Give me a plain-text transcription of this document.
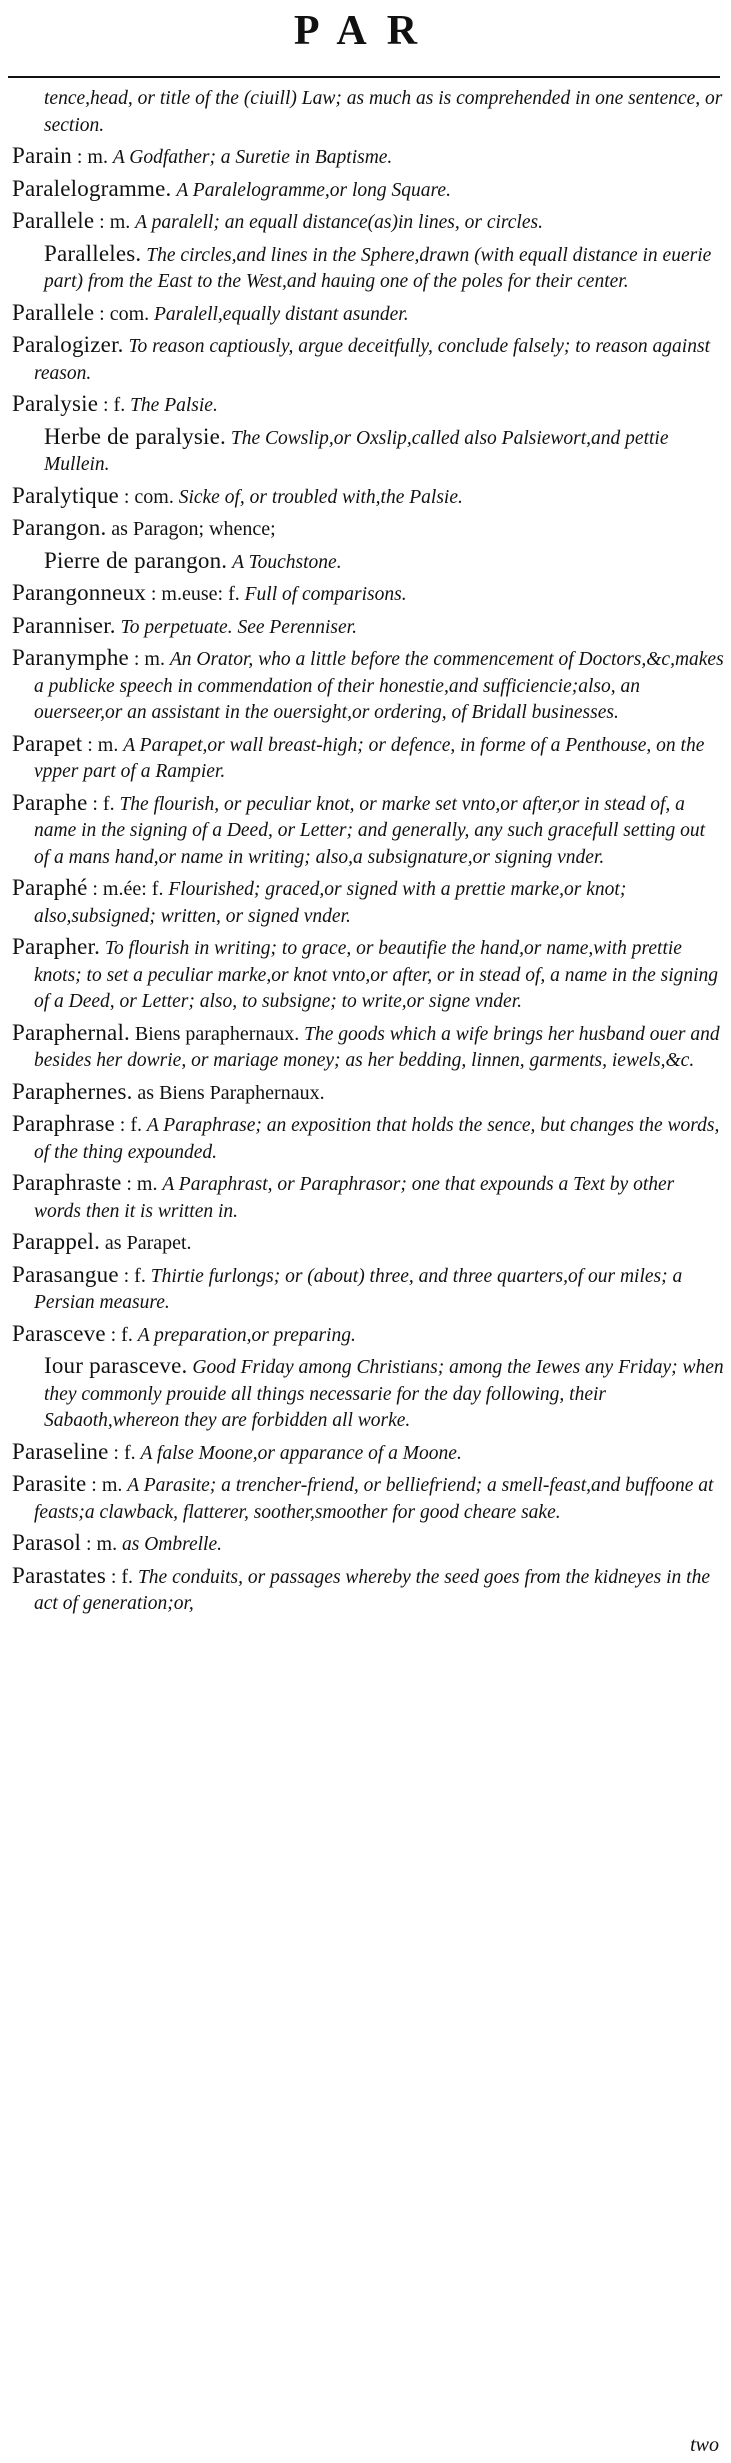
PAR

tence,head, or title of the (ciuill) Law; as much as is comprehended in one sentence, or section.

Parain : m. A Godfather; a Suretie in Baptisme.

Paralelogramme. A Paralelogramme,or long Square.

Parallele : m. A paralell; an equall distance(as)in lines, or circles.

Paralleles. The circles,and lines in the Sphere,drawn (with equall distance in euerie part) from the East to the West,and hauing one of the poles for their center.

Parallele : com. Paralell,equally distant asunder.

Paralogizer. To reason captiously, argue deceitfully, conclude falsely; to reason against reason.

Paralysie : f. The Palsie.

Herbe de paralysie. The Cowslip,or Oxslip,called also Palsiewort,and pettie Mullein.

Paralytique : com. Sicke of, or troubled with,the Palsie.

Parangon. as Paragon; whence;

Pierre de parangon. A Touchstone.

Parangonneux : m.euse: f. Full of comparisons.

Paranniser. To perpetuate. See Perenniser.

Paranymphe : m. An Orator, who a little before the commencement of Doctors,&c,makes a publicke speech in commendation of their honestie,and sufficiencie;also, an ouerseer,or an assistant in the ouersight,or ordering, of Bridall businesses.

Parapet : m. A Parapet,or wall breast-high; or defence, in forme of a Penthouse, on the vpper part of a Rampier.

Paraphe : f. The flourish, or peculiar knot, or marke set vnto,or after,or in stead of, a name in the signing of a Deed, or Letter; and generally, any such gracefull setting out of a mans hand,or name in writing; also,a subsignature,or signing vnder.

Paraphé : m.ée: f. Flourished; graced,or signed with a prettie marke,or knot; also,subsigned; written, or signed vnder.

Parapher. To flourish in writing; to grace, or beautifie the hand,or name,with prettie knots; to set a peculiar marke,or knot vnto,or after, or in stead of, a name in the signing of a Deed, or Letter; also, to subsigne; to write,or signe vnder.

Paraphernal. Biens paraphernaux. The goods which a wife brings her husband ouer and besides her dowrie, or mariage money; as her bedding, linnen, garments, iewels,&c.

Paraphernes. as Biens Paraphernaux.

Paraphrase : f. A Paraphrase; an exposition that holds the sence, but changes the words, of the thing expounded.

Paraphraste : m. A Paraphrast, or Paraphrasor; one that expounds a Text by other words then it is written in.

Parappel. as Parapet.

Parasangue : f. Thirtie furlongs; or (about) three, and three quarters,of our miles; a Persian measure.

Parasceve : f. A preparation,or preparing.

Iour parasceve. Good Friday among Christians; among the Iewes any Friday; when they commonly prouide all things necessarie for the day following, their Sabaoth,whereon they are forbidden all worke.

Paraseline : f. A false Moone,or apparance of a Moone.

Parasite : m. A Parasite; a trencher-friend, or belliefriend; a smell-feast,and buffoone at feasts;a clawback, flatterer, soother,smoother for good cheare sake.

Parasol : m. as Ombrelle.

Parastates : f. The conduits, or passages whereby the seed goes from the kidneyes in the act of generation;or,

two
